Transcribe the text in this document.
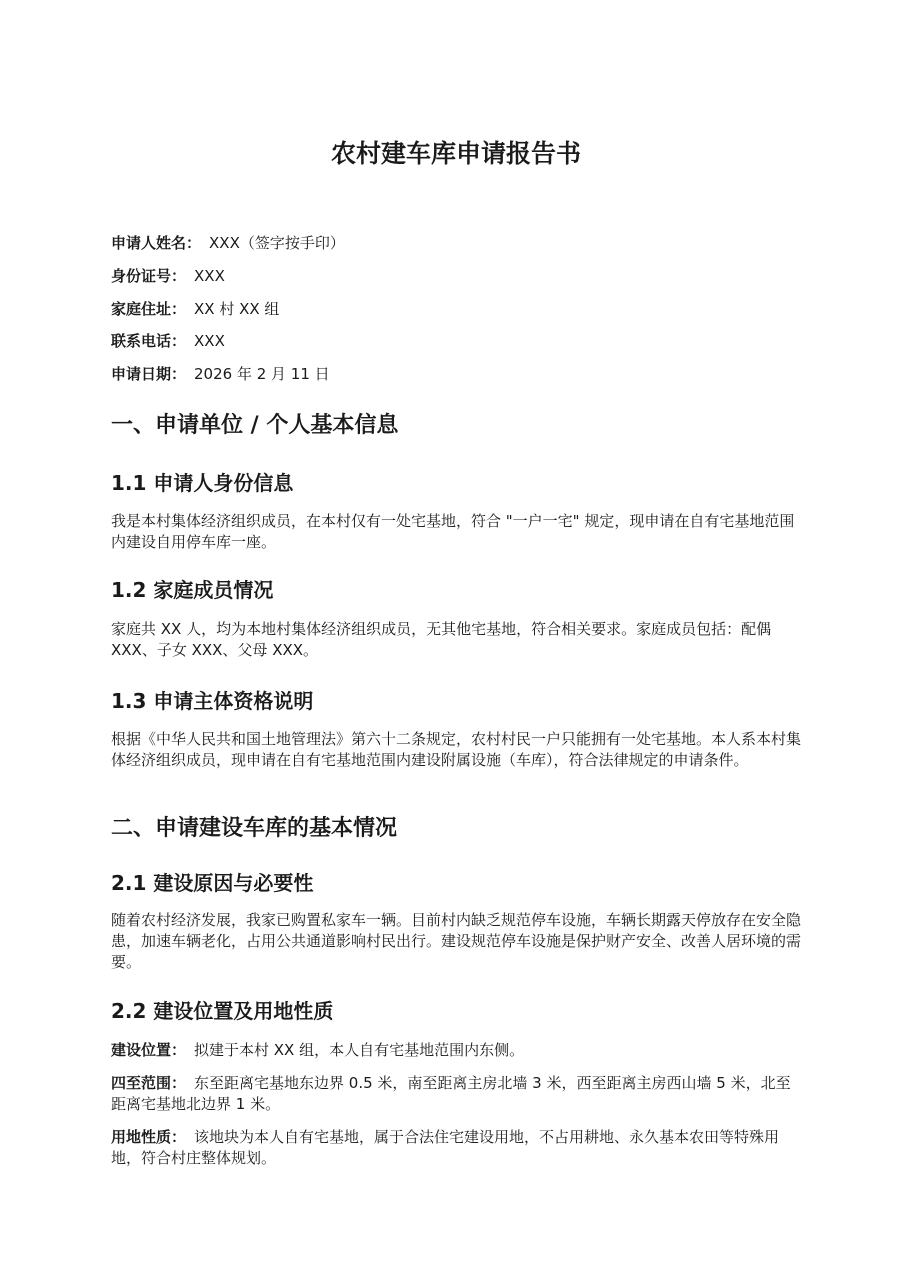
农村建车库申请报告书

申请人姓名： XXX（签字按手印）

身份证号： XXX

家庭住址： XX 村 XX 组

联系电话： XXX

申请日期： 2026 年 2 月 11 日

一、申请单位 / 个人基本信息
1.1 申请人身份信息

我是本村集体经济组织成员，在本村仅有一处宅基地，符合 "一户一宅" 规定，现申请在自有宅基地范围内建设自用停车库一座。

1.2 家庭成员情况

家庭共 XX 人，均为本地村集体经济组织成员，无其他宅基地，符合相关要求。家庭成员包括：配偶 XXX、子女 XXX、父母 XXX。

1.3 申请主体资格说明

根据《中华人民共和国土地管理法》第六十二条规定，农村村民一户只能拥有一处宅基地。本人系本村集体经济组织成员，现申请在自有宅基地范围内建设附属设施（车库），符合法律规定的申请条件。

二、申请建设车库的基本情况
2.1 建设原因与必要性

随着农村经济发展，我家已购置私家车一辆。目前村内缺乏规范停车设施，车辆长期露天停放存在安全隐患，加速车辆老化，占用公共通道影响村民出行。建设规范停车设施是保护财产安全、改善人居环境的需要。

2.2 建设位置及用地性质

建设位置： 拟建于本村 XX 组，本人自有宅基地范围内东侧。

四至范围： 东至距离宅基地东边界 0.5 米，南至距离主房北墙 3 米，西至距离主房西山墙 5 米，北至距离宅基地北边界 1 米。

用地性质： 该地块为本人自有宅基地，属于合法住宅建设用地，不占用耕地、永久基本农田等特殊用地，符合村庄整体规划。
